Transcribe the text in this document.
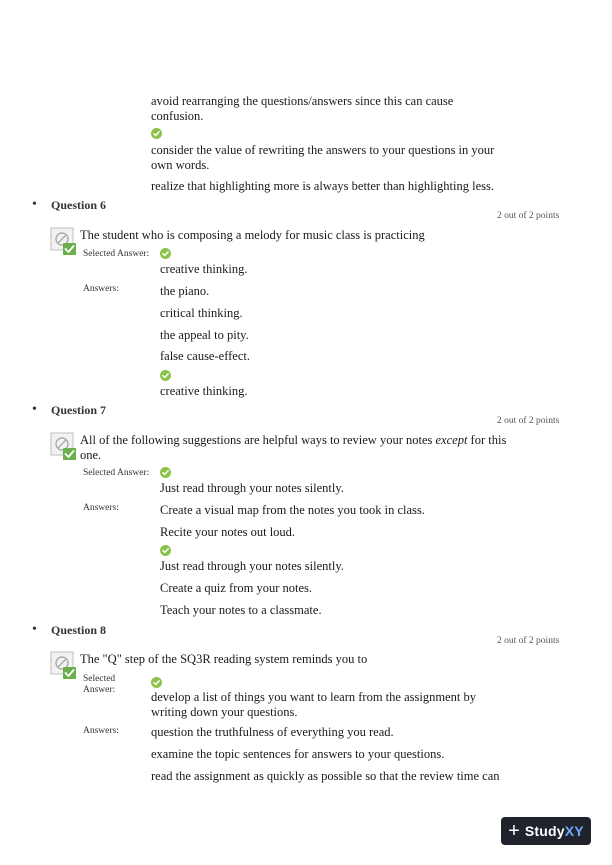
avoid rearranging the questions/answers since this can cause confusion.
consider the value of rewriting the answers to your questions in your own words.
realize that highlighting more is always better than highlighting less.
• Question 6
2 out of 2 points
The student who is composing a melody for music class is practicing
Selected Answer:
creative thinking.
Answers:	the piano.
critical thinking.
the appeal to pity.
false cause-effect.
creative thinking.
• Question 7
2 out of 2 points
All of the following suggestions are helpful ways to review your notes except for this one.
Selected Answer:
Just read through your notes silently.
Answers:	Create a visual map from the notes you took in class.
Recite your notes out loud.
Just read through your notes silently.
Create a quiz from your notes.
Teach your notes to a classmate.
• Question 8
2 out of 2 points
The "Q" step of the SQ3R reading system reminds you to
Selected
Answer:	develop a list of things you want to learn from the assignment by writing down your questions.
Answers:	question the truthfulness of everything you read.
examine the topic sentences for answers to your questions.
read the assignment as quickly as possible so that the review time can
+ StudyXY
